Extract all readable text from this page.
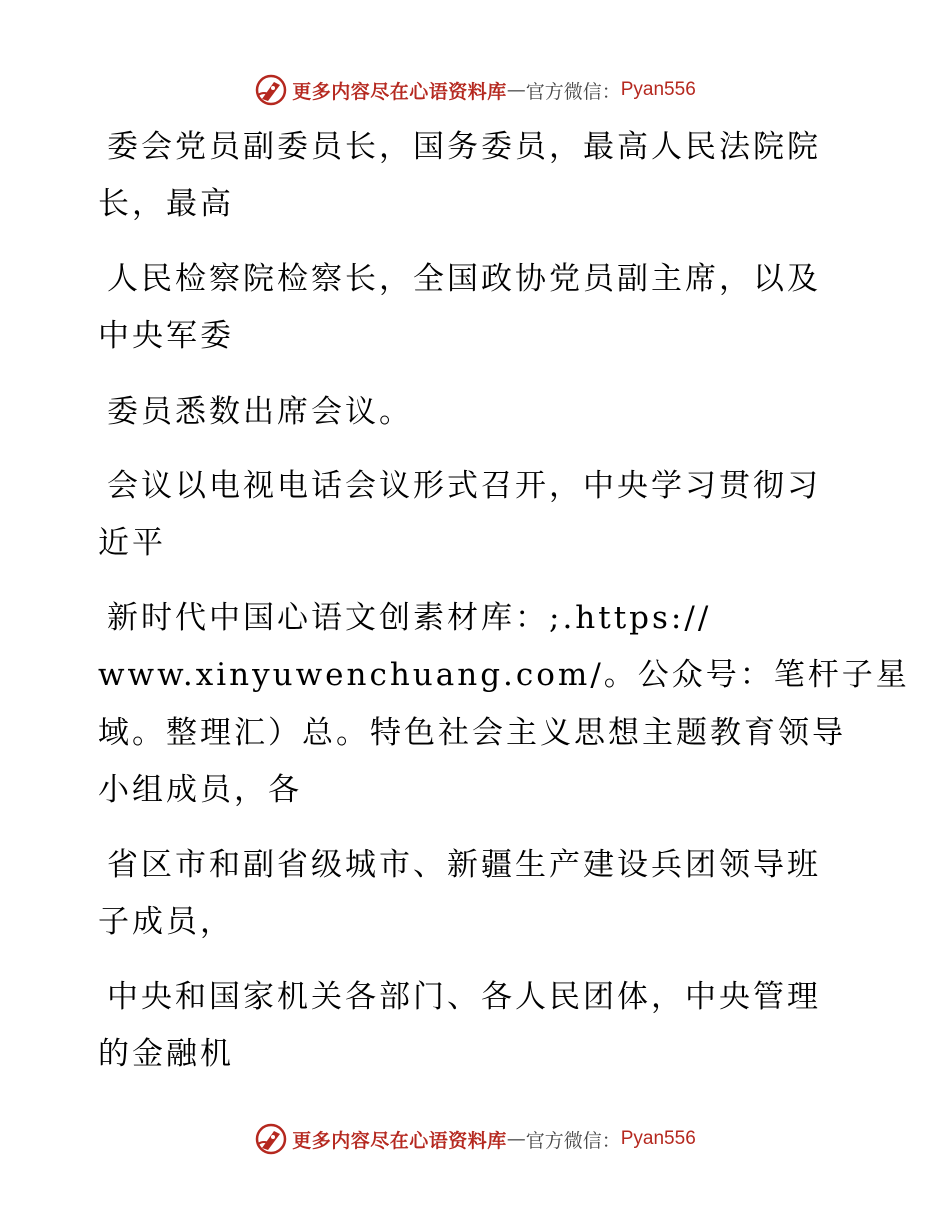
更多内容尽在心语资料库 — 官方微信： Pyan556
委会党员副委员长，国务委员，最高人民法院院
长，最高
人民检察院检察长，全国政协党员副主席，以及
中央军委
委员悉数出席会议。
会议以电视电话会议形式召开，中央学习贯彻习
近平
新时代中国心语文创素材库：;.https://
www.xinyuwenchuang.com/。公众号：笔杆子星
域。整理汇）总。特色社会主义思想主题教育领导
小组成员，各
省区市和副省级城市、新疆生产建设兵团领导班
子成员，
中央和国家机关各部门、各人民团体，中央管理
的金融机
更多内容尽在心语资料库 — 官方微信： Pyan556
